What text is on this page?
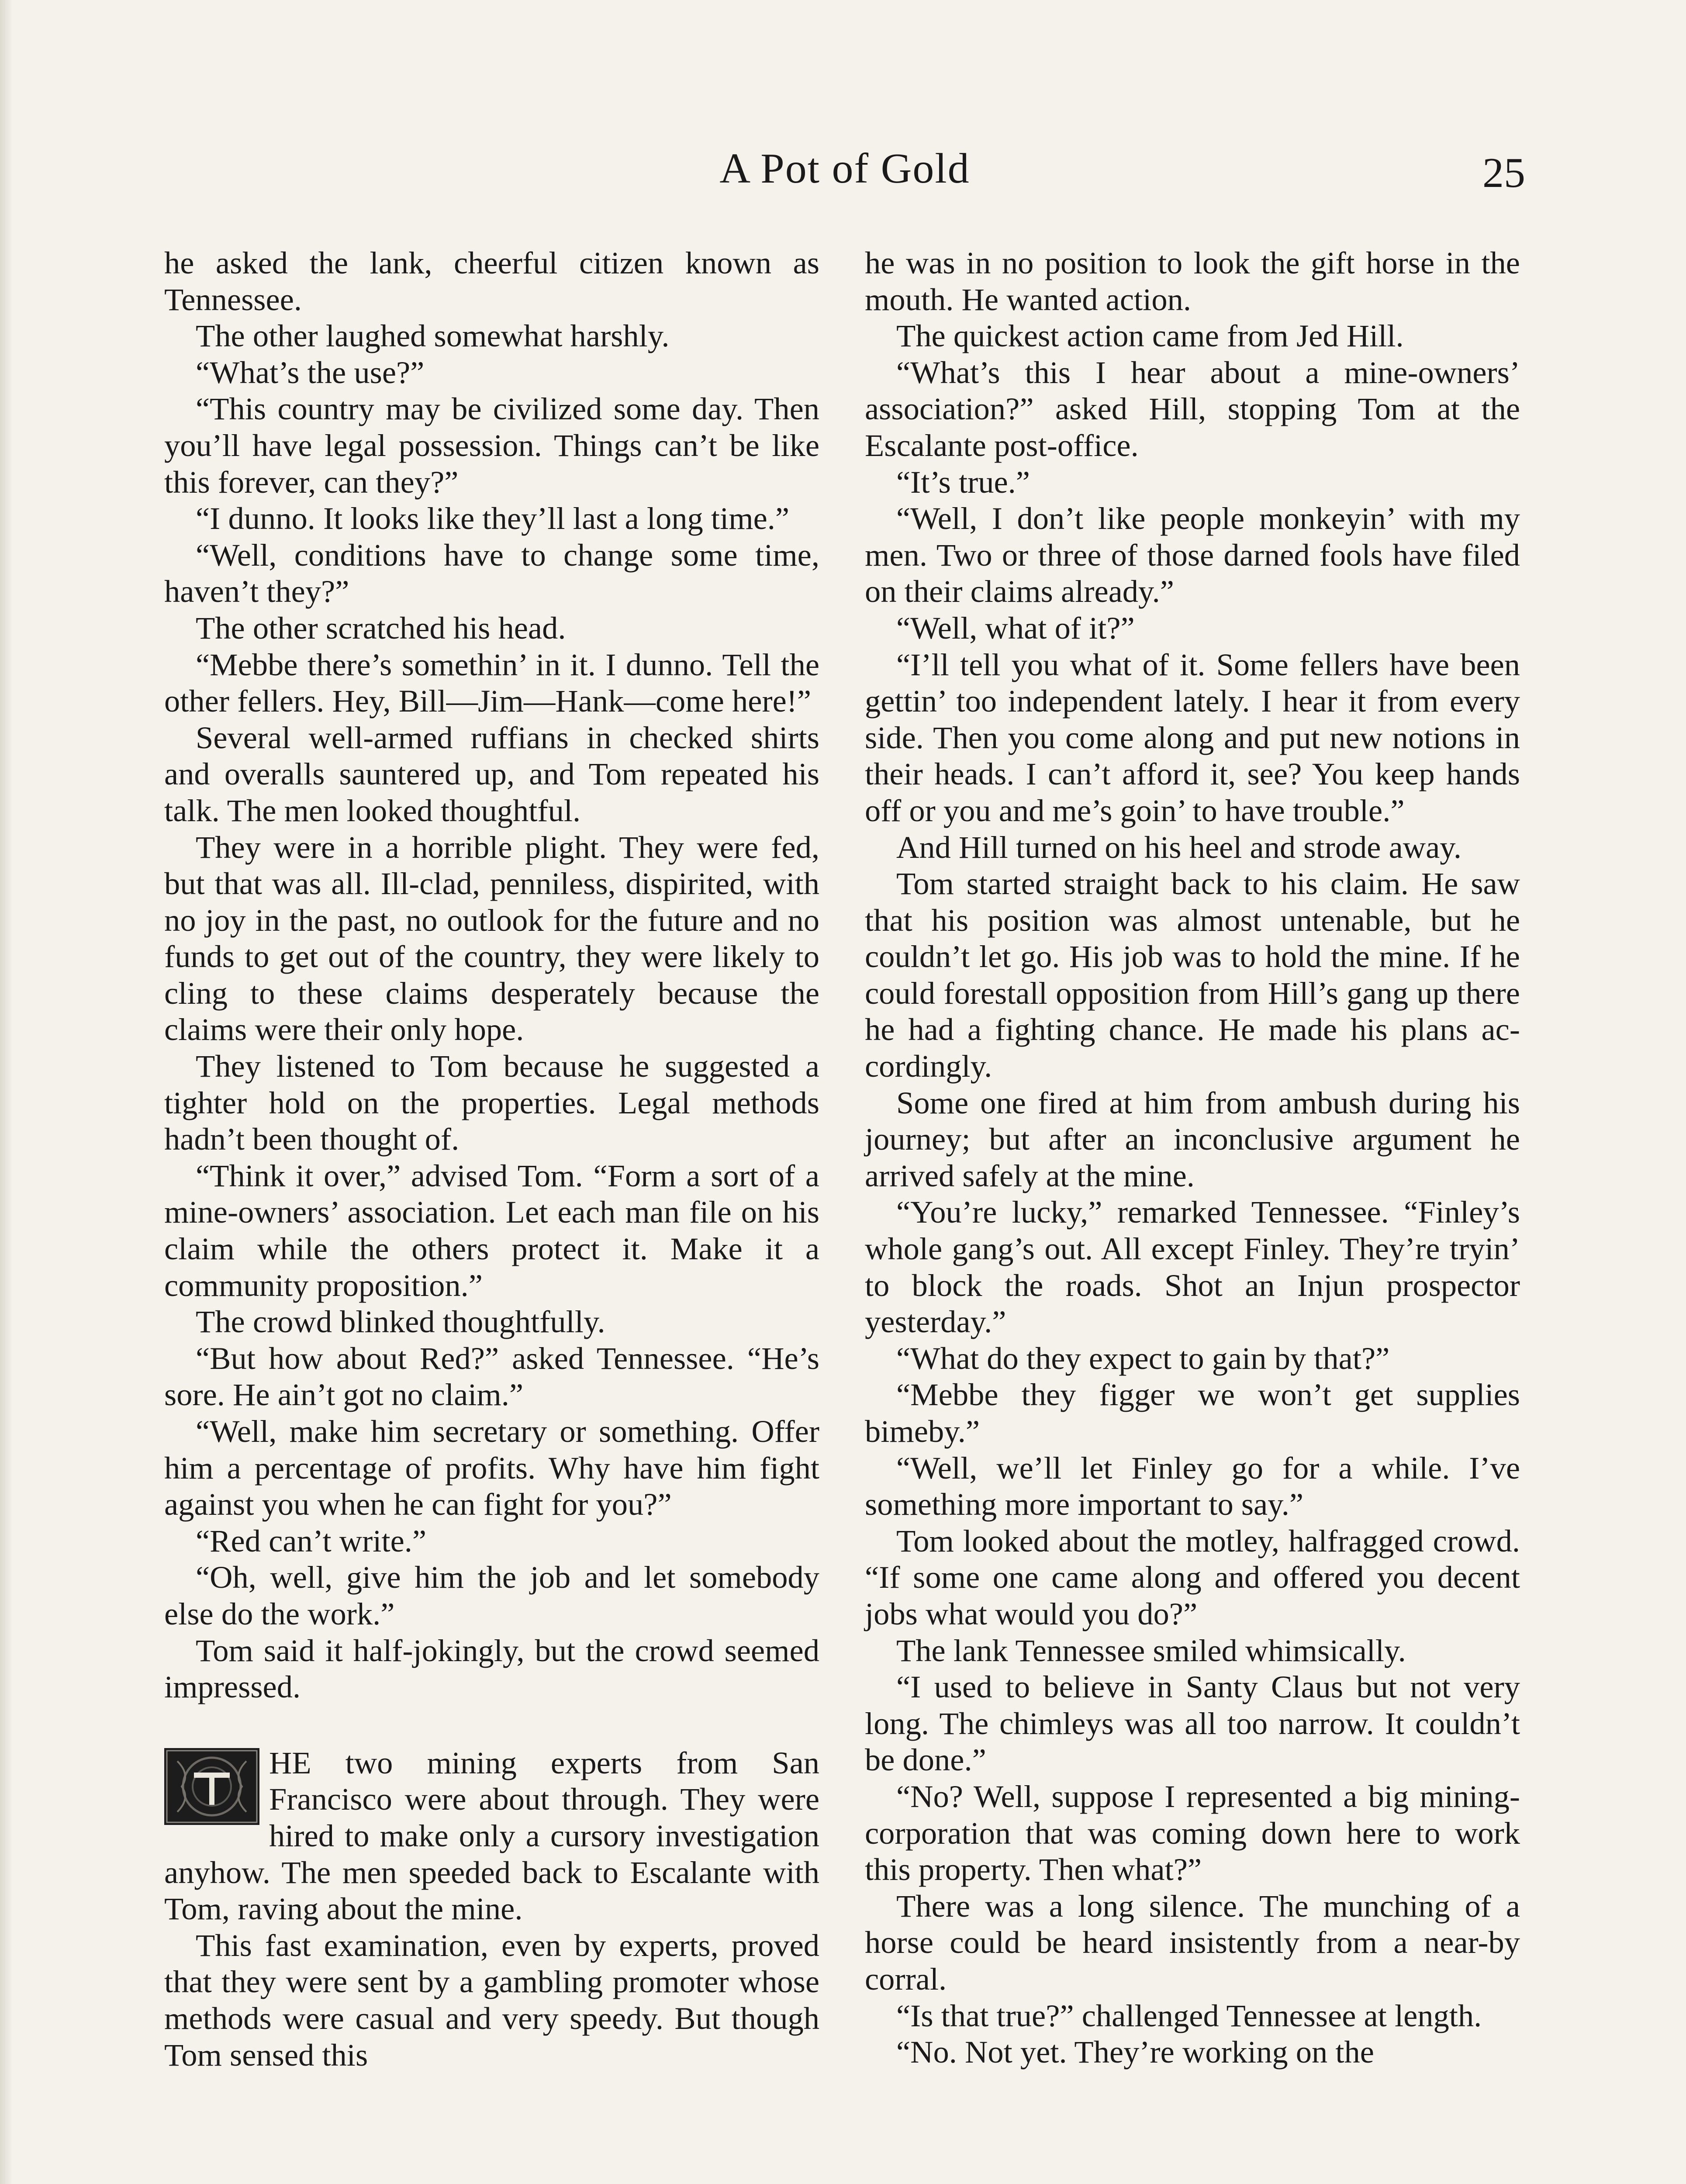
A Pot of Gold	25

he asked the lank, cheerful citizen known as Tennessee.

The other laughed somewhat harshly.

“What’s the use?”

“This country may be civilized some day. Then you’ll have legal possession. Things can’t be like this forever, can they?”

“I dunno. It looks like they’ll last a long time.”

“Well, conditions have to change some time, haven’t they?”

The other scratched his head.

“Mebbe there’s somethin’ in it. I dunno. Tell the other fellers. Hey, Bill—Jim—Hank—come here!”

Several well-armed ruffians in checked shirts and overalls sauntered up, and Tom repeated his talk. The men looked thoughtful.

They were in a horrible plight. They were fed, but that was all. Ill-clad, penniless, dispirited, with no joy in the past, no outlook for the future and no funds to get out of the country, they were likely to cling to these claims desperately because the claims were their only hope.

They listened to Tom because he suggested a tighter hold on the properties. Legal methods hadn’t been thought of.

“Think it over,” advised Tom. “Form a sort of a mine-owners’ association. Let each man file on his claim while the others protect it. Make it a community proposition.”

The crowd blinked thoughtfully.

“But how about Red?” asked Tennessee. “He’s sore. He ain’t got no claim.”

“Well, make him secretary or something. Offer him a percentage of profits. Why have him fight against you when he can fight for you?”

“Red can’t write.”

“Oh, well, give him the job and let somebody else do the work.”

Tom said it half-jokingly, but the crowd seemed impressed.

HE two mining experts from San Francisco were about through. They were hired to make only a cursory investigation anyhow. The men speeded back to Escalante with Tom, raving about the mine.

This fast examination, even by experts, proved that they were sent by a gambling promoter whose methods were casual and very speedy. But though Tom sensed this

he was in no position to look the gift horse in the mouth. He wanted action.

The quickest action came from Jed Hill.

“What’s this I hear about a mine-owners’ association?” asked Hill, stopping Tom at the Escalante post-office.

“It’s true.”

“Well, I don’t like people monkeyin’ with my men. Two or three of those darned fools have filed on their claims already.”

“Well, what of it?”

“I’ll tell you what of it. Some fellers have been gettin’ too independent lately. I hear it from every side. Then you come along and put new notions in their heads. I can’t afford it, see? You keep hands off or you and me’s goin’ to have trouble.”

And Hill turned on his heel and strode away.

Tom started straight back to his claim. He saw that his position was almost untenable, but he couldn’t let go. His job was to hold the mine. If he could forestall opposition from Hill’s gang up there he had a fighting chance. He made his plans accordingly.

Some one fired at him from ambush during his journey; but after an inconclusive argument he arrived safely at the mine.

“You’re lucky,” remarked Tennessee. “Finley’s whole gang’s out. All except Finley. They’re tryin’ to block the roads. Shot an Injun prospector yesterday.”

“What do they expect to gain by that?”

“Mebbe they figger we won’t get supplies bimeby.”

“Well, we’ll let Finley go for a while. I’ve something more important to say.”

Tom looked about the motley, halfragged crowd. “If some one came along and offered you decent jobs what would you do?”

The lank Tennessee smiled whimsically.

“I used to believe in Santy Claus but not very long. The chimleys was all too narrow. It couldn’t be done.”

“No? Well, suppose I represented a big mining-corporation that was coming down here to work this property. Then what?”

There was a long silence. The munching of a horse could be heard insistently from a near-by corral.

“Is that true?” challenged Tennessee at length.

“No. Not yet. They’re working on the
